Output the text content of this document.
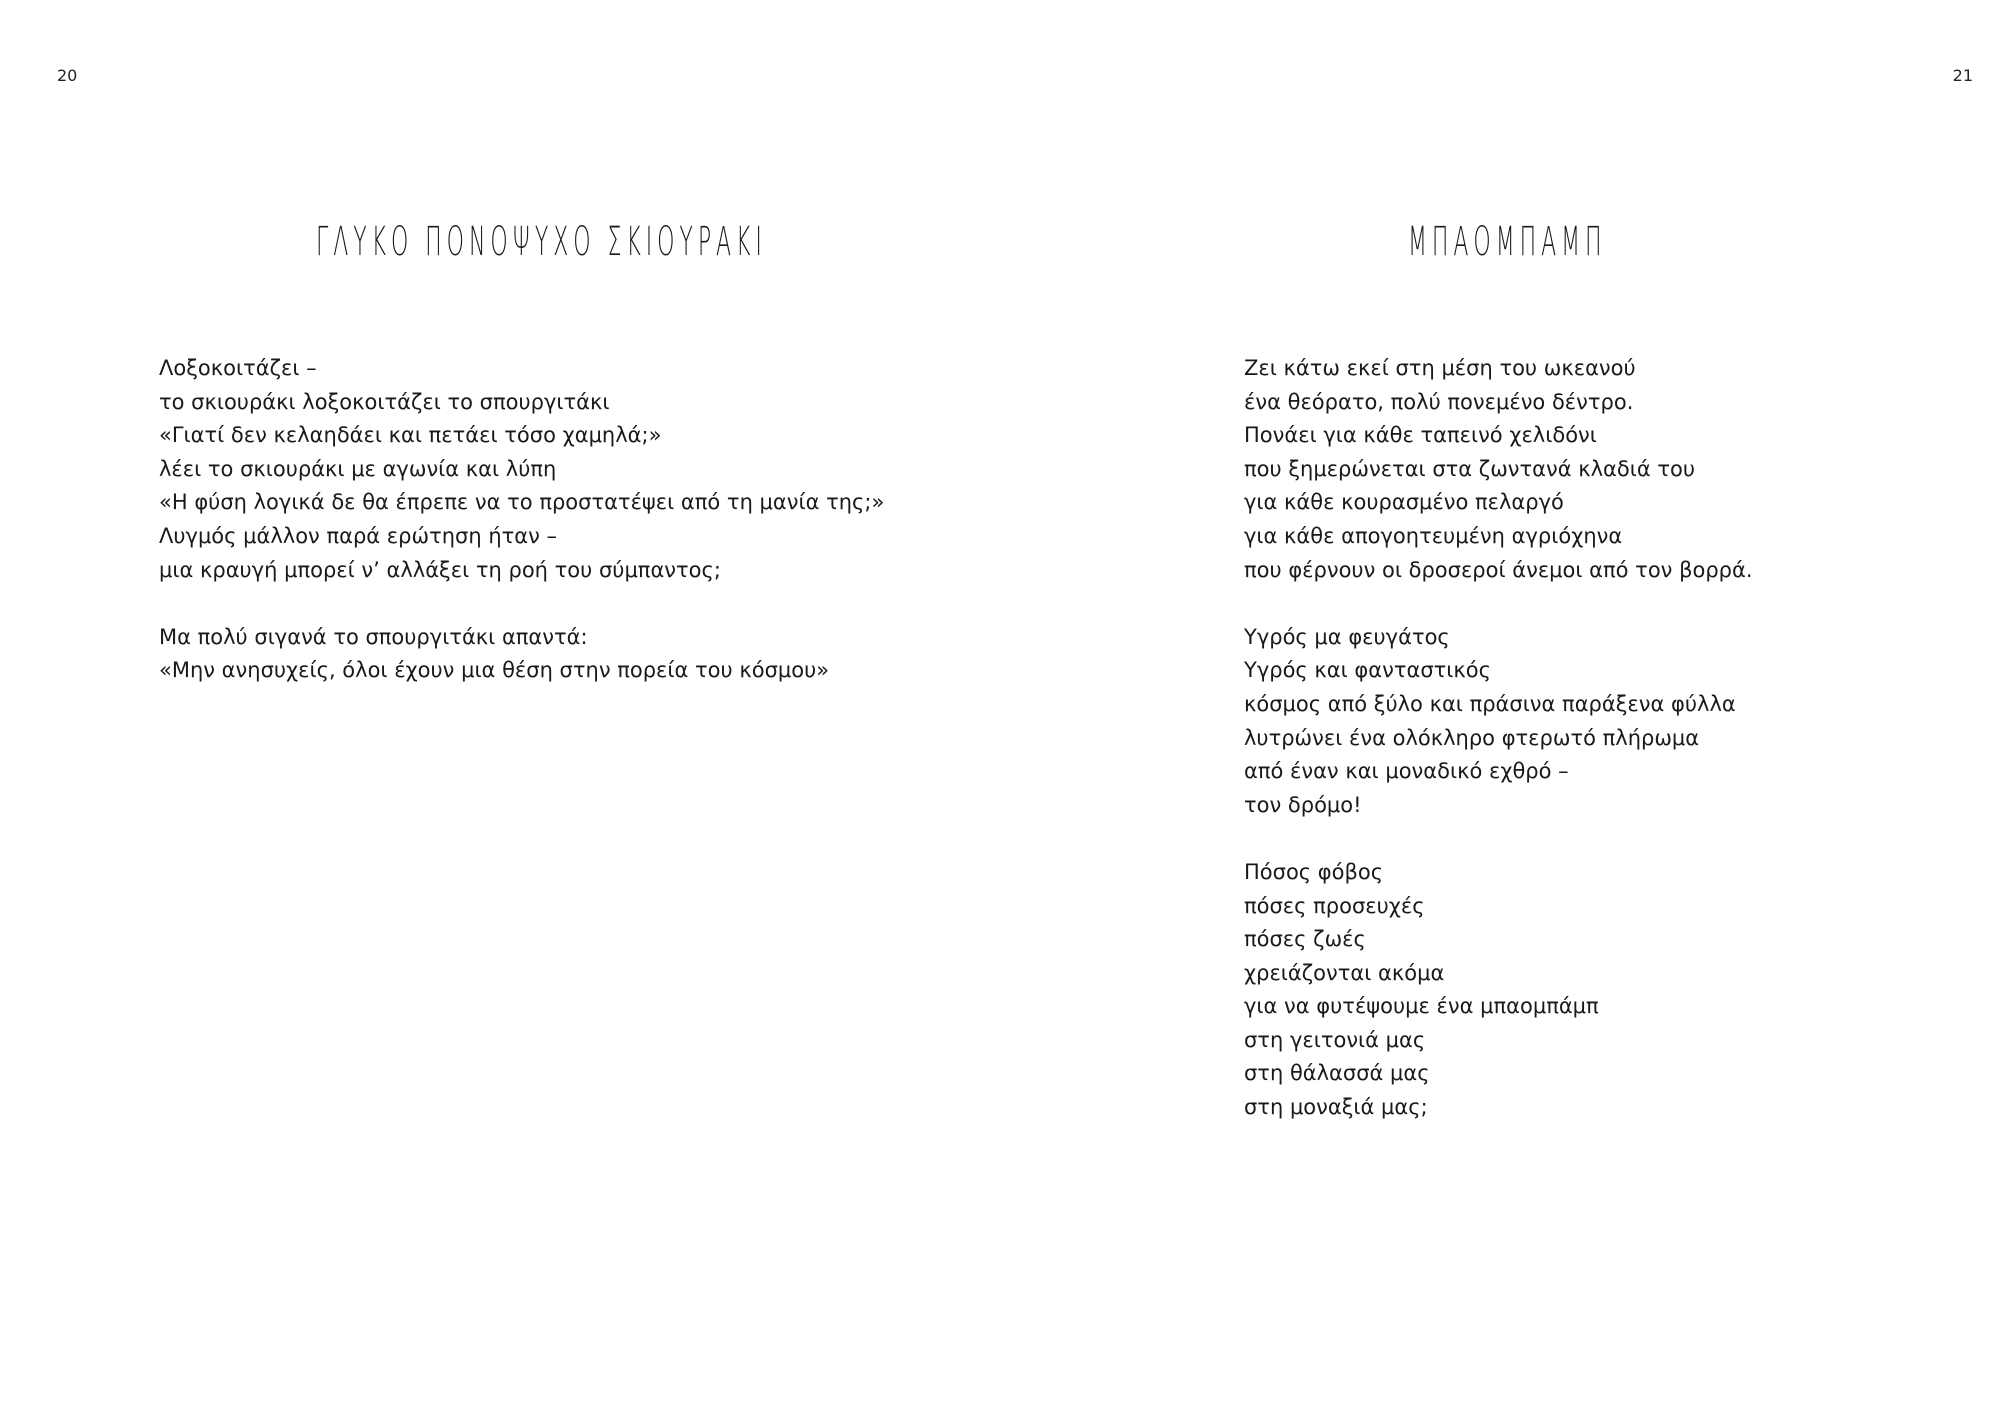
20
ΓΛΥΚΟ ΠΟΝΟΨΥΧΟ ΣΚΙΟΥΡΑΚΙ
Λοξοκοιτάζει –
το σκιουράκι λοξοκοιτάζει το σπουργιτάκι
«Γιατί δεν κελαηδάει και πετάει τόσο χαμηλά;»
λέει το σκιουράκι με αγωνία και λύπη
«Η φύση λογικά δε θα έπρεπε να το προστατέψει από τη μανία της;»
Λυγμός μάλλον παρά ερώτηση ήταν –
μια κραυγή μπορεί ν’ αλλάξει τη ροή του σύμπαντος;
Μα πολύ σιγανά το σπουργιτάκι απαντά:
«Μην ανησυχείς, όλοι έχουν μια θέση στην πορεία του κόσμου»
21
ΜΠΑΟΜΠΑΜΠ
Ζει κάτω εκεί στη μέση του ωκεανού
ένα θεόρατο, πολύ πονεμένο δέντρο.
Πονάει για κάθε ταπεινό χελιδόνι
που ξημερώνεται στα ζωντανά κλαδιά του
για κάθε κουρασμένο πελαργό
για κάθε απογοητευμένη αγριόχηνα
που φέρνουν οι δροσεροί άνεμοι από τον βορρά.
Υγρός μα φευγάτος
Υγρός και φανταστικός
κόσμος από ξύλο και πράσινα παράξενα φύλλα
λυτρώνει ένα ολόκληρο φτερωτό πλήρωμα
από έναν και μοναδικό εχθρό –
τον δρόμο!
Πόσος φόβος
πόσες προσευχές
πόσες ζωές
χρειάζονται ακόμα
για να φυτέψουμε ένα μπαομπάμπ
στη γειτονιά μας
στη θάλασσά μας
στη μοναξιά μας;
